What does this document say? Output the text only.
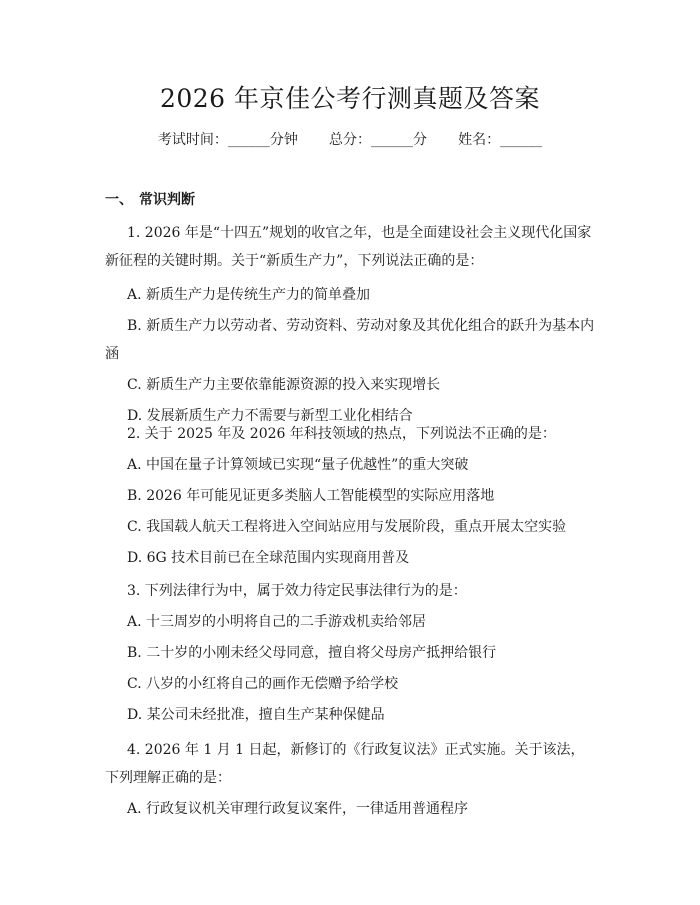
2026 年京佳公考行测真题及答案
考试时间：______分钟 总分：______分 姓名：______
一、 常识判断

1. 2026 年是“十四五”规划的收官之年，也是全面建设社会主义现代化国家新征程的关键时期。关于“新质生产力”，下列说法正确的是：

A. 新质生产力是传统生产力的简单叠加

B. 新质生产力以劳动者、劳动资料、劳动对象及其优化组合的跃升为基本内涵

C. 新质生产力主要依靠能源资源的投入来实现增长

D. 发展新质生产力不需要与新型工业化相结合

2. 关于 2025 年及 2026 年科技领域的热点，下列说法不正确的是：

A. 中国在量子计算领域已实现“量子优越性”的重大突破

B. 2026 年可能见证更多类脑人工智能模型的实际应用落地

C. 我国载人航天工程将进入空间站应用与发展阶段，重点开展太空实验

D. 6G 技术目前已在全球范围内实现商用普及

3. 下列法律行为中，属于效力待定民事法律行为的是：

A. 十三周岁的小明将自己的二手游戏机卖给邻居

B. 二十岁的小刚未经父母同意，擅自将父母房产抵押给银行

C. 八岁的小红将自己的画作无偿赠予给学校

D. 某公司未经批准，擅自生产某种保健品

4. 2026 年 1 月 1 日起，新修订的《行政复议法》正式实施。关于该法，下列理解正确的是：

A. 行政复议机关审理行政复议案件，一律适用普通程序
